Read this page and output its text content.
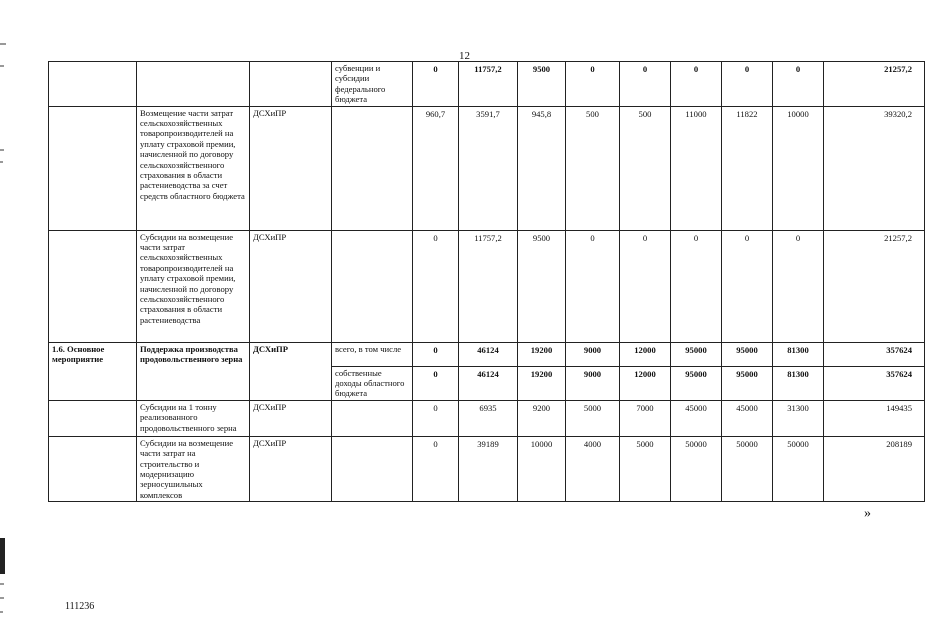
12
			субвенции и субсидии федерального бюджета	0	11757,2	9500	0	0	0	0	0	21257,2
	Возмещение части затрат сельскохозяйственных товаропроизводителей на уплату страховой премии, начисленной по договору сельскохозяйственного страхования в области растениеводства за счет средств областного бюджета	ДСХиПР		960,7	3591,7	945,8	500	500	11000	11822	10000	39320,2
	Субсидии на возмещение части затрат сельскохозяйственных товаропроизводителей на уплату страховой премии, начисленной по договору сельскохозяйственного страхования в области растениеводства	ДСХиПР		0	11757,2	9500	0	0	0	0	0	21257,2
1.6. Основное мероприятие	Поддержка производства продовольственного зерна	ДСХиПР	всего, в том числе	0	46124	19200	9000	12000	95000	95000	81300	357624
			собственные доходы областного бюджета	0	46124	19200	9000	12000	95000	95000	81300	357624
	Субсидии на 1 тонну реализованного продовольственного зерна	ДСХиПР		0	6935	9200	5000	7000	45000	45000	31300	149435
	Субсидии на возмещение части затрат на строительство и модернизацию зерносушильных комплексов	ДСХиПР		0	39189	10000	4000	5000	50000	50000	50000	208189
»
111236
